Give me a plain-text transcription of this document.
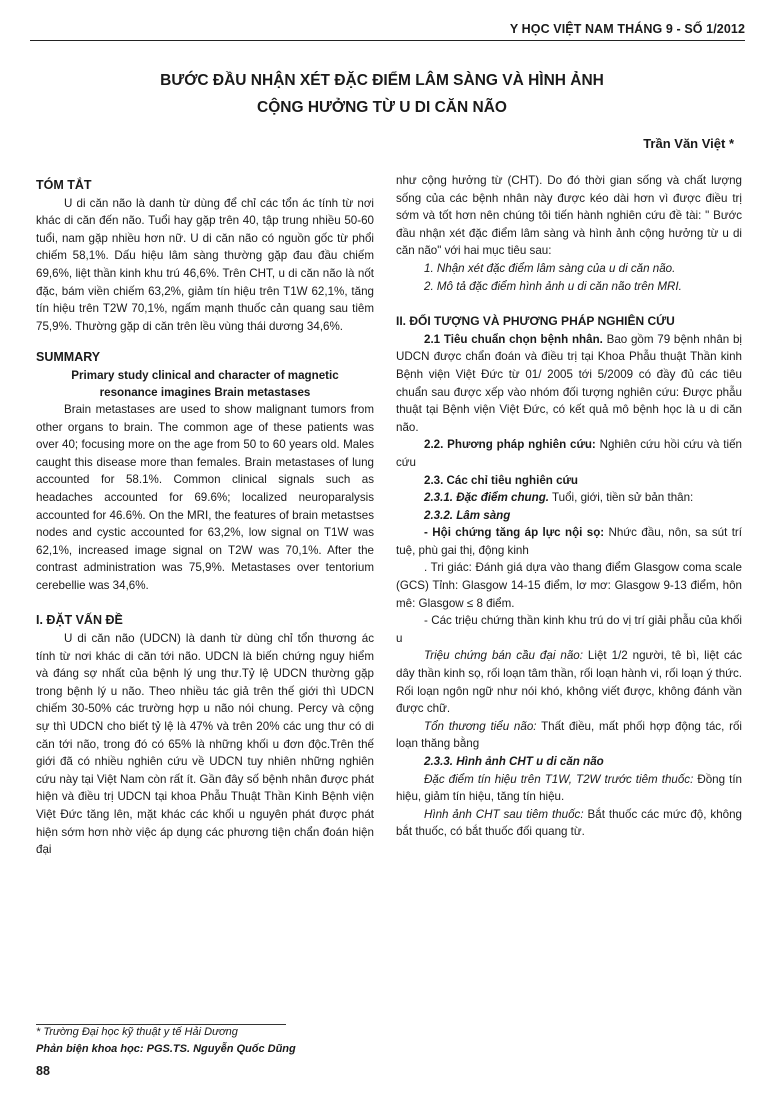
Y HỌC VIỆT NAM THÁNG 9 - SỐ 1/2012
BƯỚC ĐẦU NHẬN XÉT ĐẶC ĐIỂM LÂM SÀNG VÀ HÌNH ẢNH
CỘNG HƯỞNG TỪ U DI CĂN NÃO
Trần Văn Việt *
TÓM TẮT

U di căn não là danh từ dùng để chỉ các tổn ác tính từ nơi khác di căn đến não. Tuổi hay gặp trên 40, tập trung nhiều 50-60 tuổi, nam gặp nhiều hơn nữ. U di căn não có nguồn gốc từ phổi chiếm 58,1%. Dấu hiệu lâm sàng thường gặp đau đầu chiếm 69,6%, liệt thần kinh khu trú 46,6%. Trên CHT, u di căn não là nốt đặc, bám viền chiếm 63,2%, giảm tín hiệu trên T1W 62,1%, tăng tín hiệu trên T2W 70,1%, ngấm mạnh thuốc cản quang sau tiêm 75,9%. Thường gặp di căn trên lều vùng thái dương 34,6%.

SUMMARY

Primary study clinical and character of magnetic

resonance imagines Brain metastases

Brain metastases are used to show malignant tumors from other organs to brain. The common age of these patients was over 40; focusing more on the age from 50 to 60 years old. Males caught this disease more than females. Brain metastases of lung accounted for 58.1%. Common clinical signals such as headaches accounted for 69.6%; localized neuroparalysis accounted for 46.6%. On the MRI, the features of brain metastses nodes and cystic accounted for 63,2%, low signal on T1W was 62,1%, increased image signal on T2W was 70,1%. After the contrast administration was 75,9%. Metastases over tentorium cerebellie was 34,6%.

I. ĐẶT VẤN ĐỀ

U di căn não (UDCN) là danh từ dùng chỉ tổn thương ác tính từ nơi khác di căn tới não. UDCN là biến chứng nguy hiểm và đáng sợ nhất của bệnh lý ung thư.Tỷ lệ UDCN thường gặp trong bệnh lý u não. Theo nhiều tác giả trên thế giới thì UDCN chiếm 30-50% các trường hợp u não nói chung. Percy và cộng sự thì UDCN cho biết tỷ lệ là 47% và trên 20% các ung thư có di căn tới não, trong đó có 65% là những khối u đơn độc.Trên thế giới đã có nhiều nghiên cứu về UDCN tuy nhiên những nghiên cứu này tại Việt Nam còn rất ít. Gần đây số bệnh nhân được phát hiện và điều trị UDCN tại khoa Phẫu Thuật Thần Kinh Bệnh viện Việt Đức tăng lên, mặt khác các khối u nguyên phát được phát hiện sớm hơn nhờ việc áp dụng các phương tiện chẩn đoán hiện đại

như cộng hưởng từ (CHT). Do đó thời gian sống và chất lượng sống của các bệnh nhân này được kéo dài hơn vì được điều trị sớm và tốt hơn nên chúng tôi tiến hành nghiên cứu đề tài: " Bước đầu nhận xét đặc điểm lâm sàng và hình ảnh cộng hưởng từ u di căn não" với hai mục tiêu sau:

1. Nhận xét đặc điểm lâm sàng của u di căn não.

2. Mô tả đặc điểm hình ảnh u di căn não trên MRI.

II. ĐỐI TƯỢNG VÀ PHƯƠNG PHÁP NGHIÊN CỨU

2.1 Tiêu chuẩn chọn bệnh nhân. Bao gồm 79 bệnh nhân bị UDCN được chẩn đoán và điều trị tại Khoa Phẫu thuật Thần kinh Bệnh viện Việt Đức từ 01/ 2005 tới 5/2009 có đầy đủ các tiêu chuẩn sau được xếp vào nhóm đối tượng nghiên cứu: Được phẫu thuật tại Bệnh viện Việt Đức, có kết quả mô bệnh học là u di căn não.

2.2. Phương pháp nghiên cứu: Nghiên cứu hồi cứu và tiến cứu

2.3. Các chỉ tiêu nghiên cứu

2.3.1. Đặc điểm chung. Tuổi, giới, tiền sử bản thân:

2.3.2. Lâm sàng

- Hội chứng tăng áp lực nội sọ: Nhức đầu, nôn, sa sút trí tuệ, phù gai thị, động kinh

. Tri giác: Đánh giá dựa vào thang điểm Glasgow coma scale (GCS) Tỉnh: Glasgow 14-15 điểm, lơ mơ: Glasgow 9-13 điểm, hôn mê: Glasgow ≤ 8 điểm.

- Các triệu chứng thần kinh khu trú do vị trí giải phẫu của khối u

Triệu chứng bán cầu đại não: Liệt 1/2 người, tê bì, liệt các dây thần kinh sọ, rối loạn tâm thần, rối loạn hành vi, rối loạn ý thức. Rối loạn ngôn ngữ như nói khó, không viết được, không đánh vần được chữ.

Tổn thương tiểu não: Thất điều, mất phối hợp động tác, rối loạn thăng bằng

2.3.3. Hình ảnh CHT u di căn não

Đặc điểm tín hiệu trên T1W, T2W trước tiêm thuốc: Đồng tín hiệu, giảm tín hiệu, tăng tín hiệu.

Hình ảnh CHT sau tiêm thuốc: Bắt thuốc các mức độ, không bắt thuốc, có bắt thuốc đối quang từ.

* Trường Đại học kỹ thuật y tế Hải Dương
Phản biện khoa học: PGS.TS. Nguyễn Quốc Dũng
88
